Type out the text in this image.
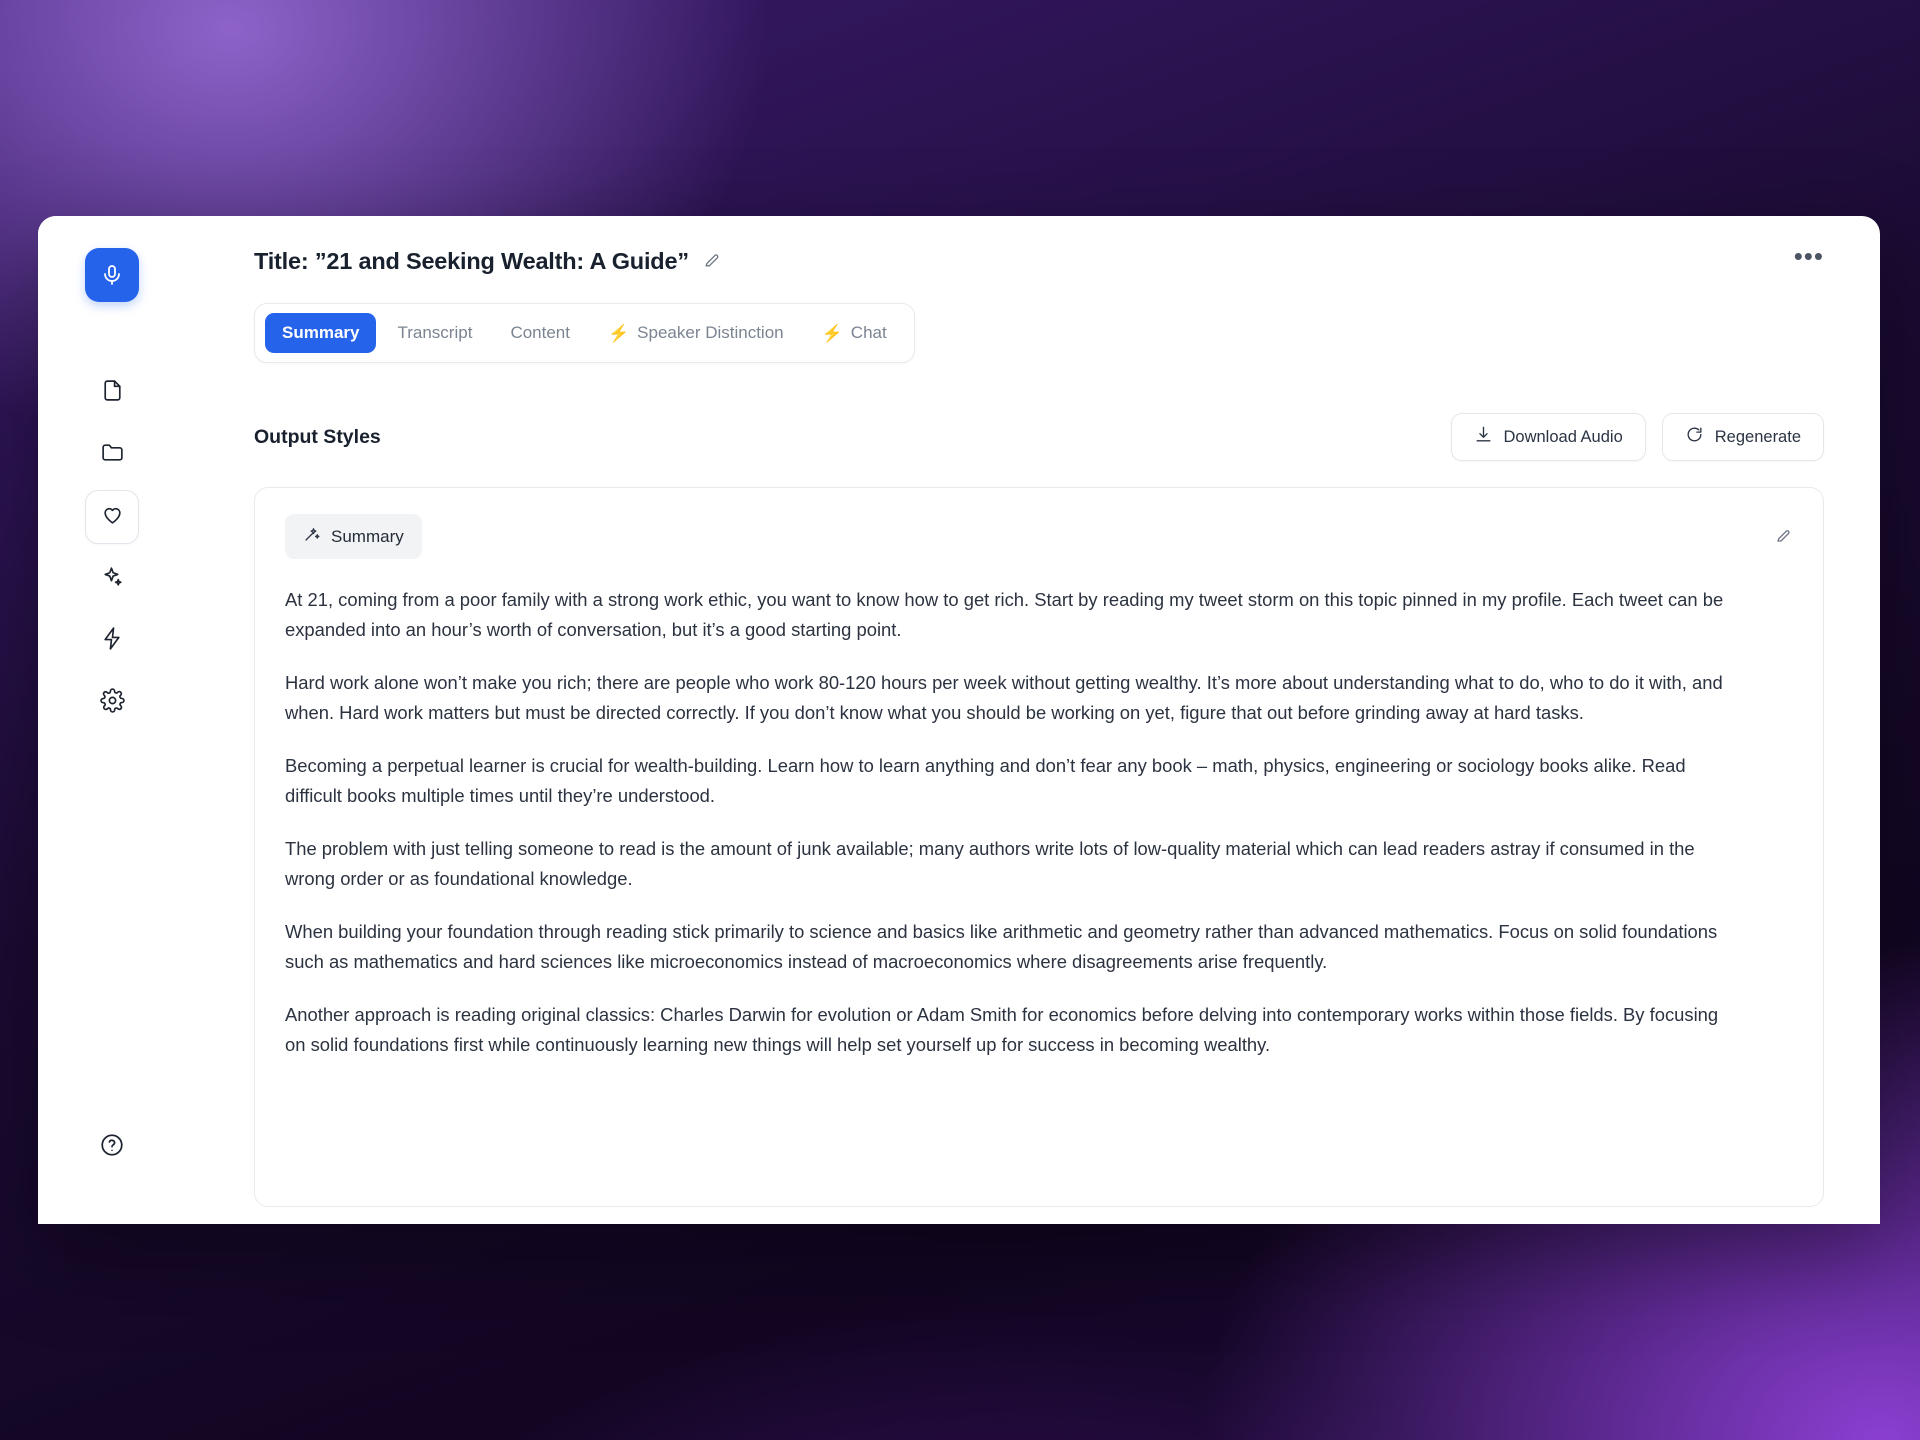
Title: ”21 and Seeking Wealth: A Guide”	•••
Summary Transcript Content ⚡ Speaker Distinction ⚡ Chat
Output Styles	Download Audio	Regenerate
Summary

At 21, coming from a poor family with a strong work ethic, you want to know how to get rich. Start by reading my tweet storm on this topic pinned in my profile. Each tweet can be expanded into an hour’s worth of conversation, but it’s a good starting point.

Hard work alone won’t make you rich; there are people who work 80-120 hours per week without getting wealthy. It’s more about understanding what to do, who to do it with, and when. Hard work matters but must be directed correctly. If you don’t know what you should be working on yet, figure that out before grinding away at hard tasks.

Becoming a perpetual learner is crucial for wealth-building. Learn how to learn anything and don’t fear any book – math, physics, engineering or sociology books alike. Read difficult books multiple times until they’re understood.

The problem with just telling someone to read is the amount of junk available; many authors write lots of low-quality material which can lead readers astray if consumed in the wrong order or as foundational knowledge.

When building your foundation through reading stick primarily to science and basics like arithmetic and geometry rather than advanced mathematics. Focus on solid foundations such as mathematics and hard sciences like microeconomics instead of macroeconomics where disagreements arise frequently.

Another approach is reading original classics: Charles Darwin for evolution or Adam Smith for economics before delving into contemporary works within those fields. By focusing on solid foundations first while continuously learning new things will help set yourself up for success in becoming wealthy.
